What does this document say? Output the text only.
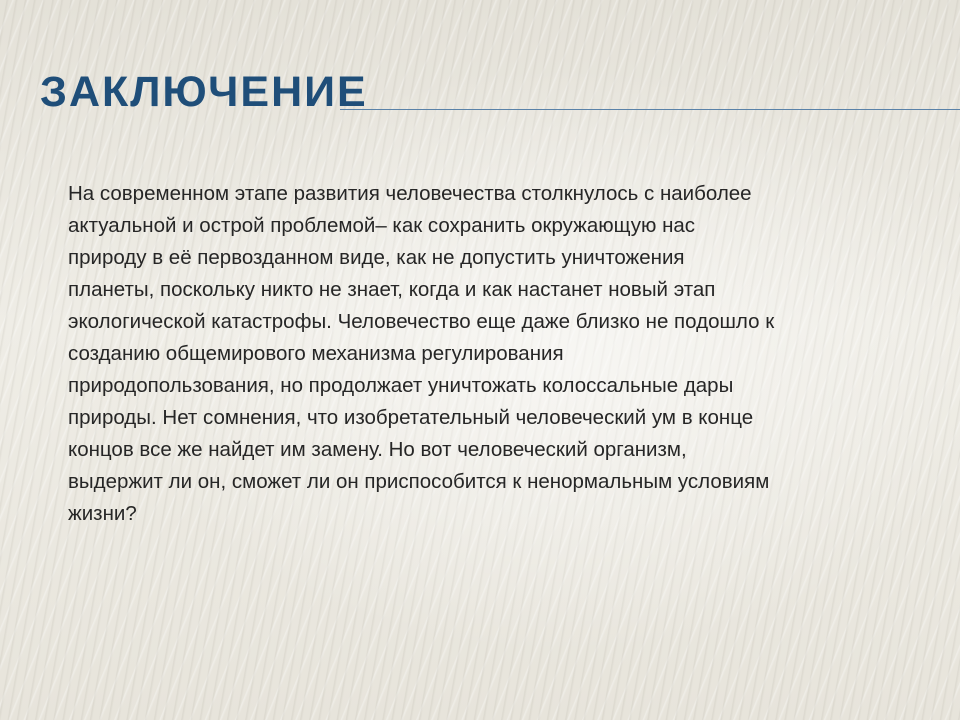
ЗАКЛЮЧЕНИЕ

На современном этапе развития человечества столкнулось с наиболее
актуальной и острой проблемой– как сохранить окружающую нас
природу в её первозданном виде, как не допустить уничтожения
планеты, поскольку никто не знает, когда и как настанет новый этап
экологической катастрофы. Человечество еще даже близко не подошло к
созданию общемирового механизма регулирования
природопользования, но продолжает уничтожать колоссальные дары
природы. Нет сомнения, что изобретательный человеческий ум в конце
концов все же найдет им замену. Но вот человеческий организм,
выдержит ли он, сможет ли он приспособится к ненормальным условиям
жизни?
